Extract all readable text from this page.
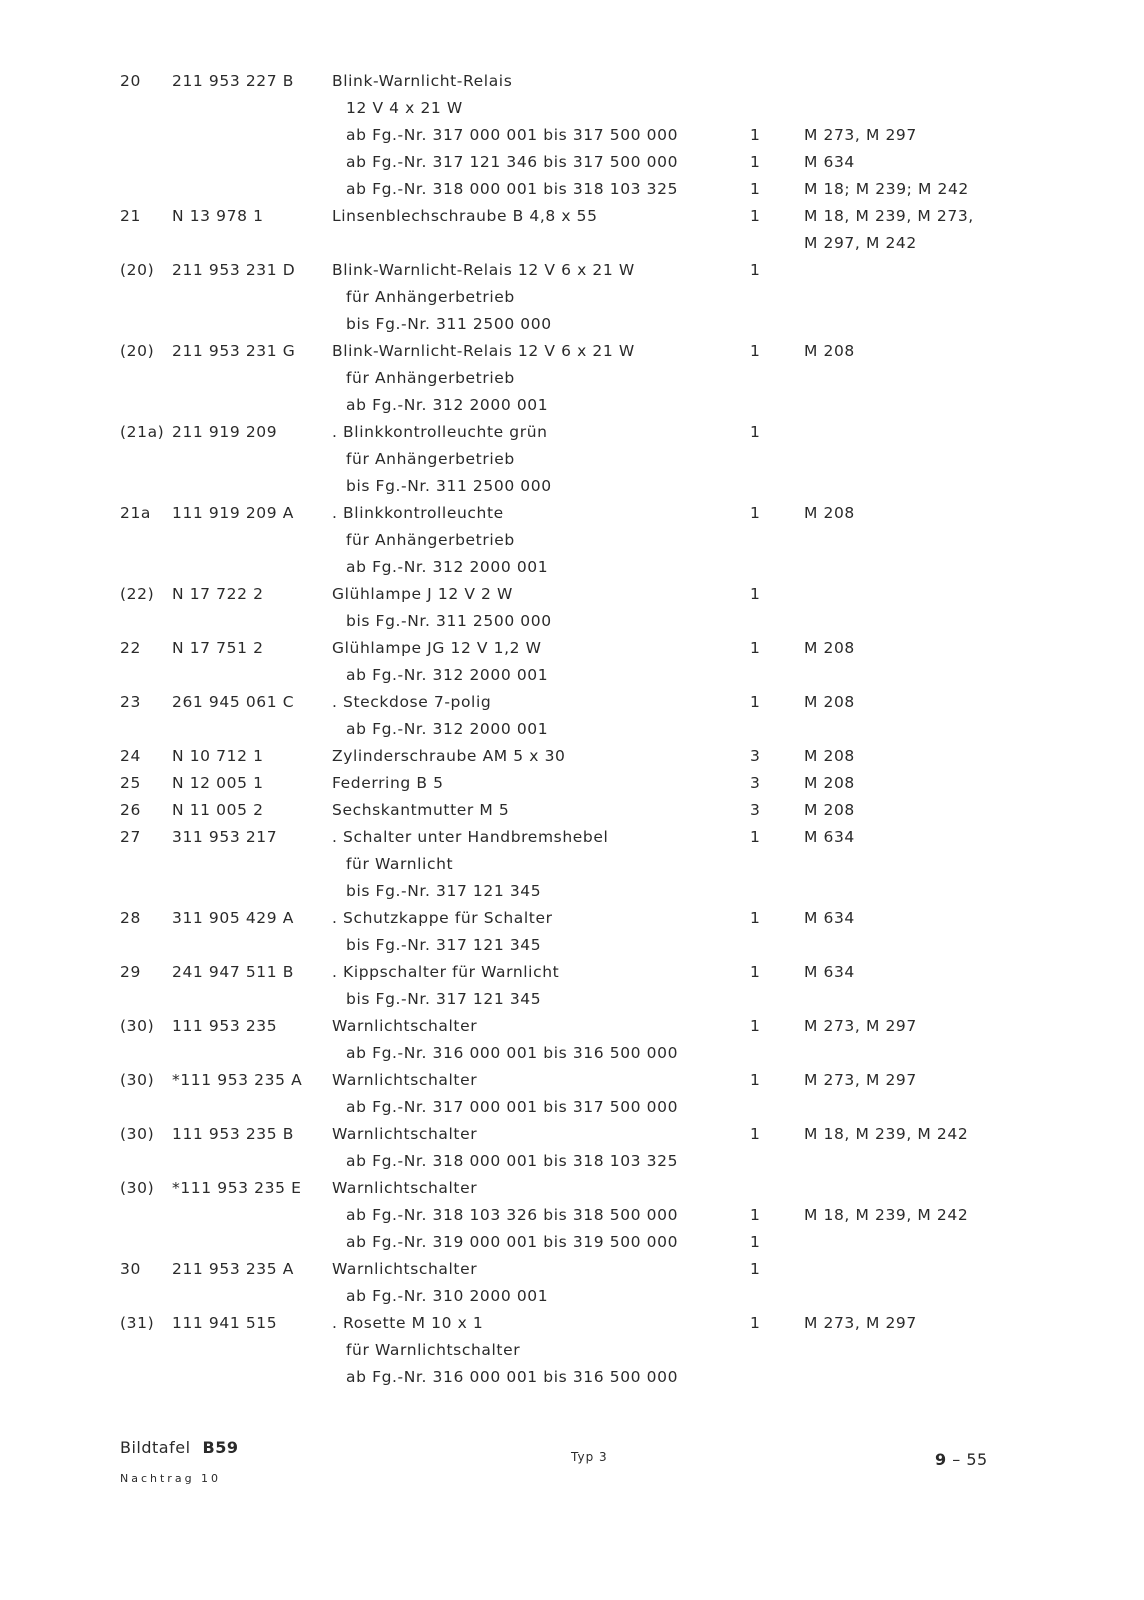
20 211 953 227 B Blink-Warnlicht-Relais
12 V 4 x 21 W
ab Fg.-Nr. 317 000 001 bis 317 500 000	1	M 273, M 297
ab Fg.-Nr. 317 121 346 bis 317 500 000	1	M 634
ab Fg.-Nr. 318 000 001 bis 318 103 325	1	M 18; M 239; M 242
21 N 13 978 1	Linsenblechschraube B 4,8 x 55	1	M 18, M 239, M 273,
M 297, M 242
(20) 211 953 231 D Blink-Warnlicht-Relais 12 V 6 x 21 W	1
für Anhängerbetrieb
bis Fg.-Nr. 311 2500 000
(20) 211 953 231 G Blink-Warnlicht-Relais 12 V 6 x 21 W	1	M 208
für Anhängerbetrieb
ab Fg.-Nr. 312 2000 001
(21a) 211 919 209	. Blinkkontrolleuchte grün	1
für Anhängerbetrieb
bis Fg.-Nr. 311 2500 000
21a 111 919 209 A . Blinkkontrolleuchte	1	M 208
für Anhängerbetrieb
ab Fg.-Nr. 312 2000 001
(22) N 17 722 2	Glühlampe J 12 V 2 W	1
bis Fg.-Nr. 311 2500 000
22 N 17 751 2	Glühlampe JG 12 V 1,2 W	1	M 208
ab Fg.-Nr. 312 2000 001
23 261 945 061 C . Steckdose 7-polig	1	M 208
ab Fg.-Nr. 312 2000 001
24 N 10 712 1	Zylinderschraube AM 5 x 30	3	M 208
25 N 12 005 1	Federring B 5	3	M 208
26 N 11 005 2	Sechskantmutter M 5	3	M 208
27 311 953 217	. Schalter unter Handbremshebel	1	M 634
für Warnlicht
bis Fg.-Nr. 317 121 345
28 311 905 429 A . Schutzkappe für Schalter	1	M 634
bis Fg.-Nr. 317 121 345
29 241 947 511 B . Kippschalter für Warnlicht	1	M 634
bis Fg.-Nr. 317 121 345
(30) 111 953 235	Warnlichtschalter	1	M 273, M 297
ab Fg.-Nr. 316 000 001 bis 316 500 000
(30) *111 953 235 A Warnlichtschalter	1	M 273, M 297
ab Fg.-Nr. 317 000 001 bis 317 500 000
(30) 111 953 235 B Warnlichtschalter	1	M 18, M 239, M 242
ab Fg.-Nr. 318 000 001 bis 318 103 325
(30) *111 953 235 E Warnlichtschalter
ab Fg.-Nr. 318 103 326 bis 318 500 000	1	M 18, M 239, M 242
ab Fg.-Nr. 319 000 001 bis 319 500 000	1
30 211 953 235 A Warnlichtschalter	1
ab Fg.-Nr. 310 2000 001
(31) 111 941 515	. Rosette M 10 x 1	1	M 273, M 297
für Warnlichtschalter
ab Fg.-Nr. 316 000 001 bis 316 500 000
Bildtafel B59	Typ 3	9 – 55
Nachtrag 10
